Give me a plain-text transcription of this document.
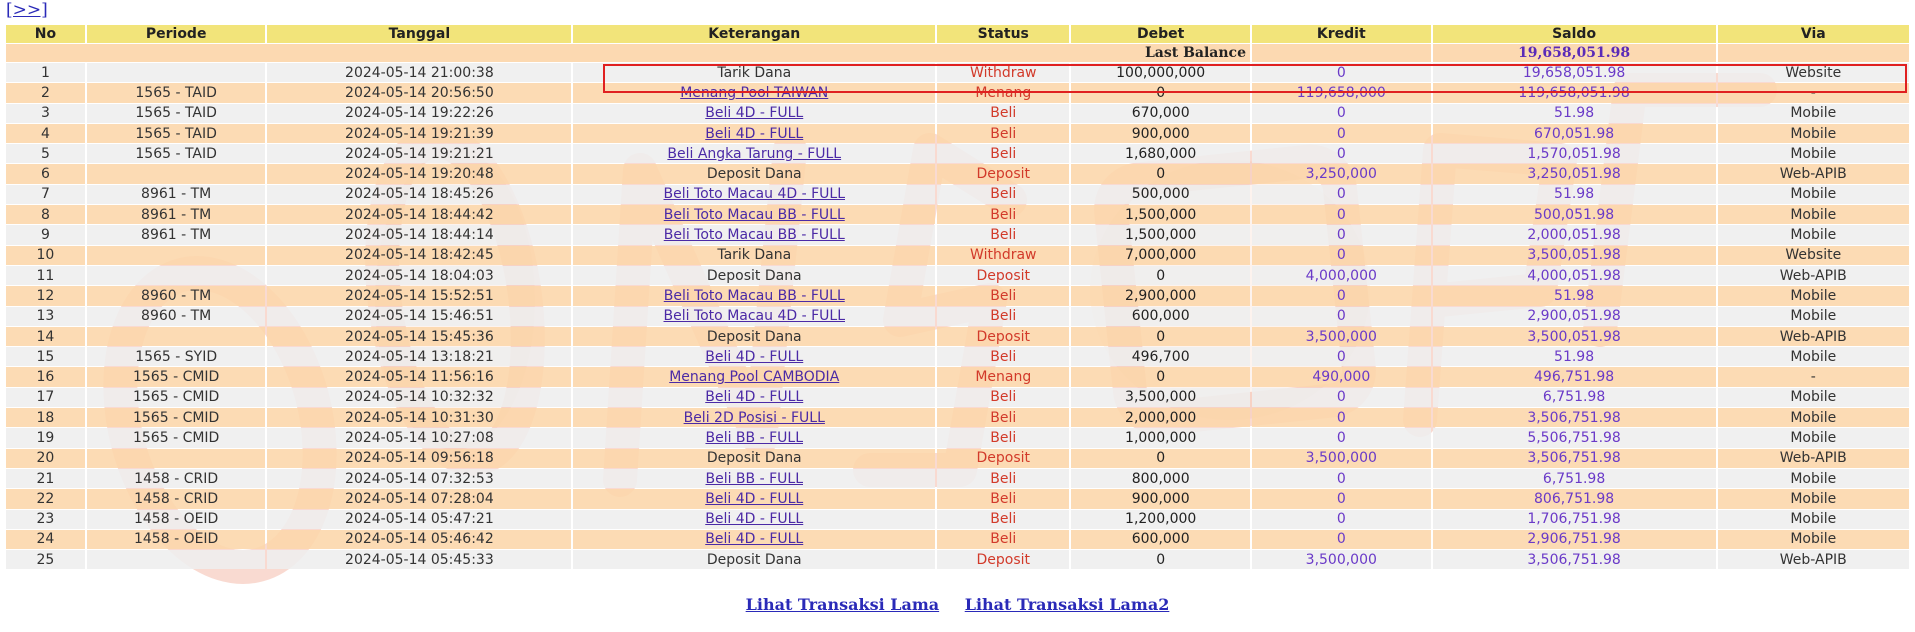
[>>]
No	Periode	Tanggal	Keterangan	Status	Debet	Kredit	Saldo	Via
Last Balance							19,658,051.98	
1		2024-05-14 21:00:38	Tarik Dana	Withdraw	100,000,000	0	19,658,051.98	Website
2	1565 - TAID	2024-05-14 20:56:50	Menang Pool TAIWAN	Menang	0	119,658,000	119,658,051.98	-
3	1565 - TAID	2024-05-14 19:22:26	Beli 4D - FULL	Beli	670,000	0	51.98	Mobile
4	1565 - TAID	2024-05-14 19:21:39	Beli 4D - FULL	Beli	900,000	0	670,051.98	Mobile
5	1565 - TAID	2024-05-14 19:21:21	Beli Angka Tarung - FULL	Beli	1,680,000	0	1,570,051.98	Mobile
6		2024-05-14 19:20:48	Deposit Dana	Deposit	0	3,250,000	3,250,051.98	Web-APIB
7	8961 - TM	2024-05-14 18:45:26	Beli Toto Macau 4D - FULL	Beli	500,000	0	51.98	Mobile
8	8961 - TM	2024-05-14 18:44:42	Beli Toto Macau BB - FULL	Beli	1,500,000	0	500,051.98	Mobile
9	8961 - TM	2024-05-14 18:44:14	Beli Toto Macau BB - FULL	Beli	1,500,000	0	2,000,051.98	Mobile
10		2024-05-14 18:42:45	Tarik Dana	Withdraw	7,000,000	0	3,500,051.98	Website
11		2024-05-14 18:04:03	Deposit Dana	Deposit	0	4,000,000	4,000,051.98	Web-APIB
12	8960 - TM	2024-05-14 15:52:51	Beli Toto Macau BB - FULL	Beli	2,900,000	0	51.98	Mobile
13	8960 - TM	2024-05-14 15:46:51	Beli Toto Macau 4D - FULL	Beli	600,000	0	2,900,051.98	Mobile
14		2024-05-14 15:45:36	Deposit Dana	Deposit	0	3,500,000	3,500,051.98	Web-APIB
15	1565 - SYID	2024-05-14 13:18:21	Beli 4D - FULL	Beli	496,700	0	51.98	Mobile
16	1565 - CMID	2024-05-14 11:56:16	Menang Pool CAMBODIA	Menang	0	490,000	496,751.98	-
17	1565 - CMID	2024-05-14 10:32:32	Beli 4D - FULL	Beli	3,500,000	0	6,751.98	Mobile
18	1565 - CMID	2024-05-14 10:31:30	Beli 2D Posisi - FULL	Beli	2,000,000	0	3,506,751.98	Mobile
19	1565 - CMID	2024-05-14 10:27:08	Beli BB - FULL	Beli	1,000,000	0	5,506,751.98	Mobile
20		2024-05-14 09:56:18	Deposit Dana	Deposit	0	3,500,000	3,506,751.98	Web-APIB
21	1458 - CRID	2024-05-14 07:32:53	Beli BB - FULL	Beli	800,000	0	6,751.98	Mobile
22	1458 - CRID	2024-05-14 07:28:04	Beli 4D - FULL	Beli	900,000	0	806,751.98	Mobile
23	1458 - OEID	2024-05-14 05:47:21	Beli 4D - FULL	Beli	1,200,000	0	1,706,751.98	Mobile
24	1458 - OEID	2024-05-14 05:46:42	Beli 4D - FULL	Beli	600,000	0	2,906,751.98	Mobile
25		2024-05-14 05:45:33	Deposit Dana	Deposit	0	3,500,000	3,506,751.98	Web-APIB
Lihat Transaksi Lama Lihat Transaksi Lama2
